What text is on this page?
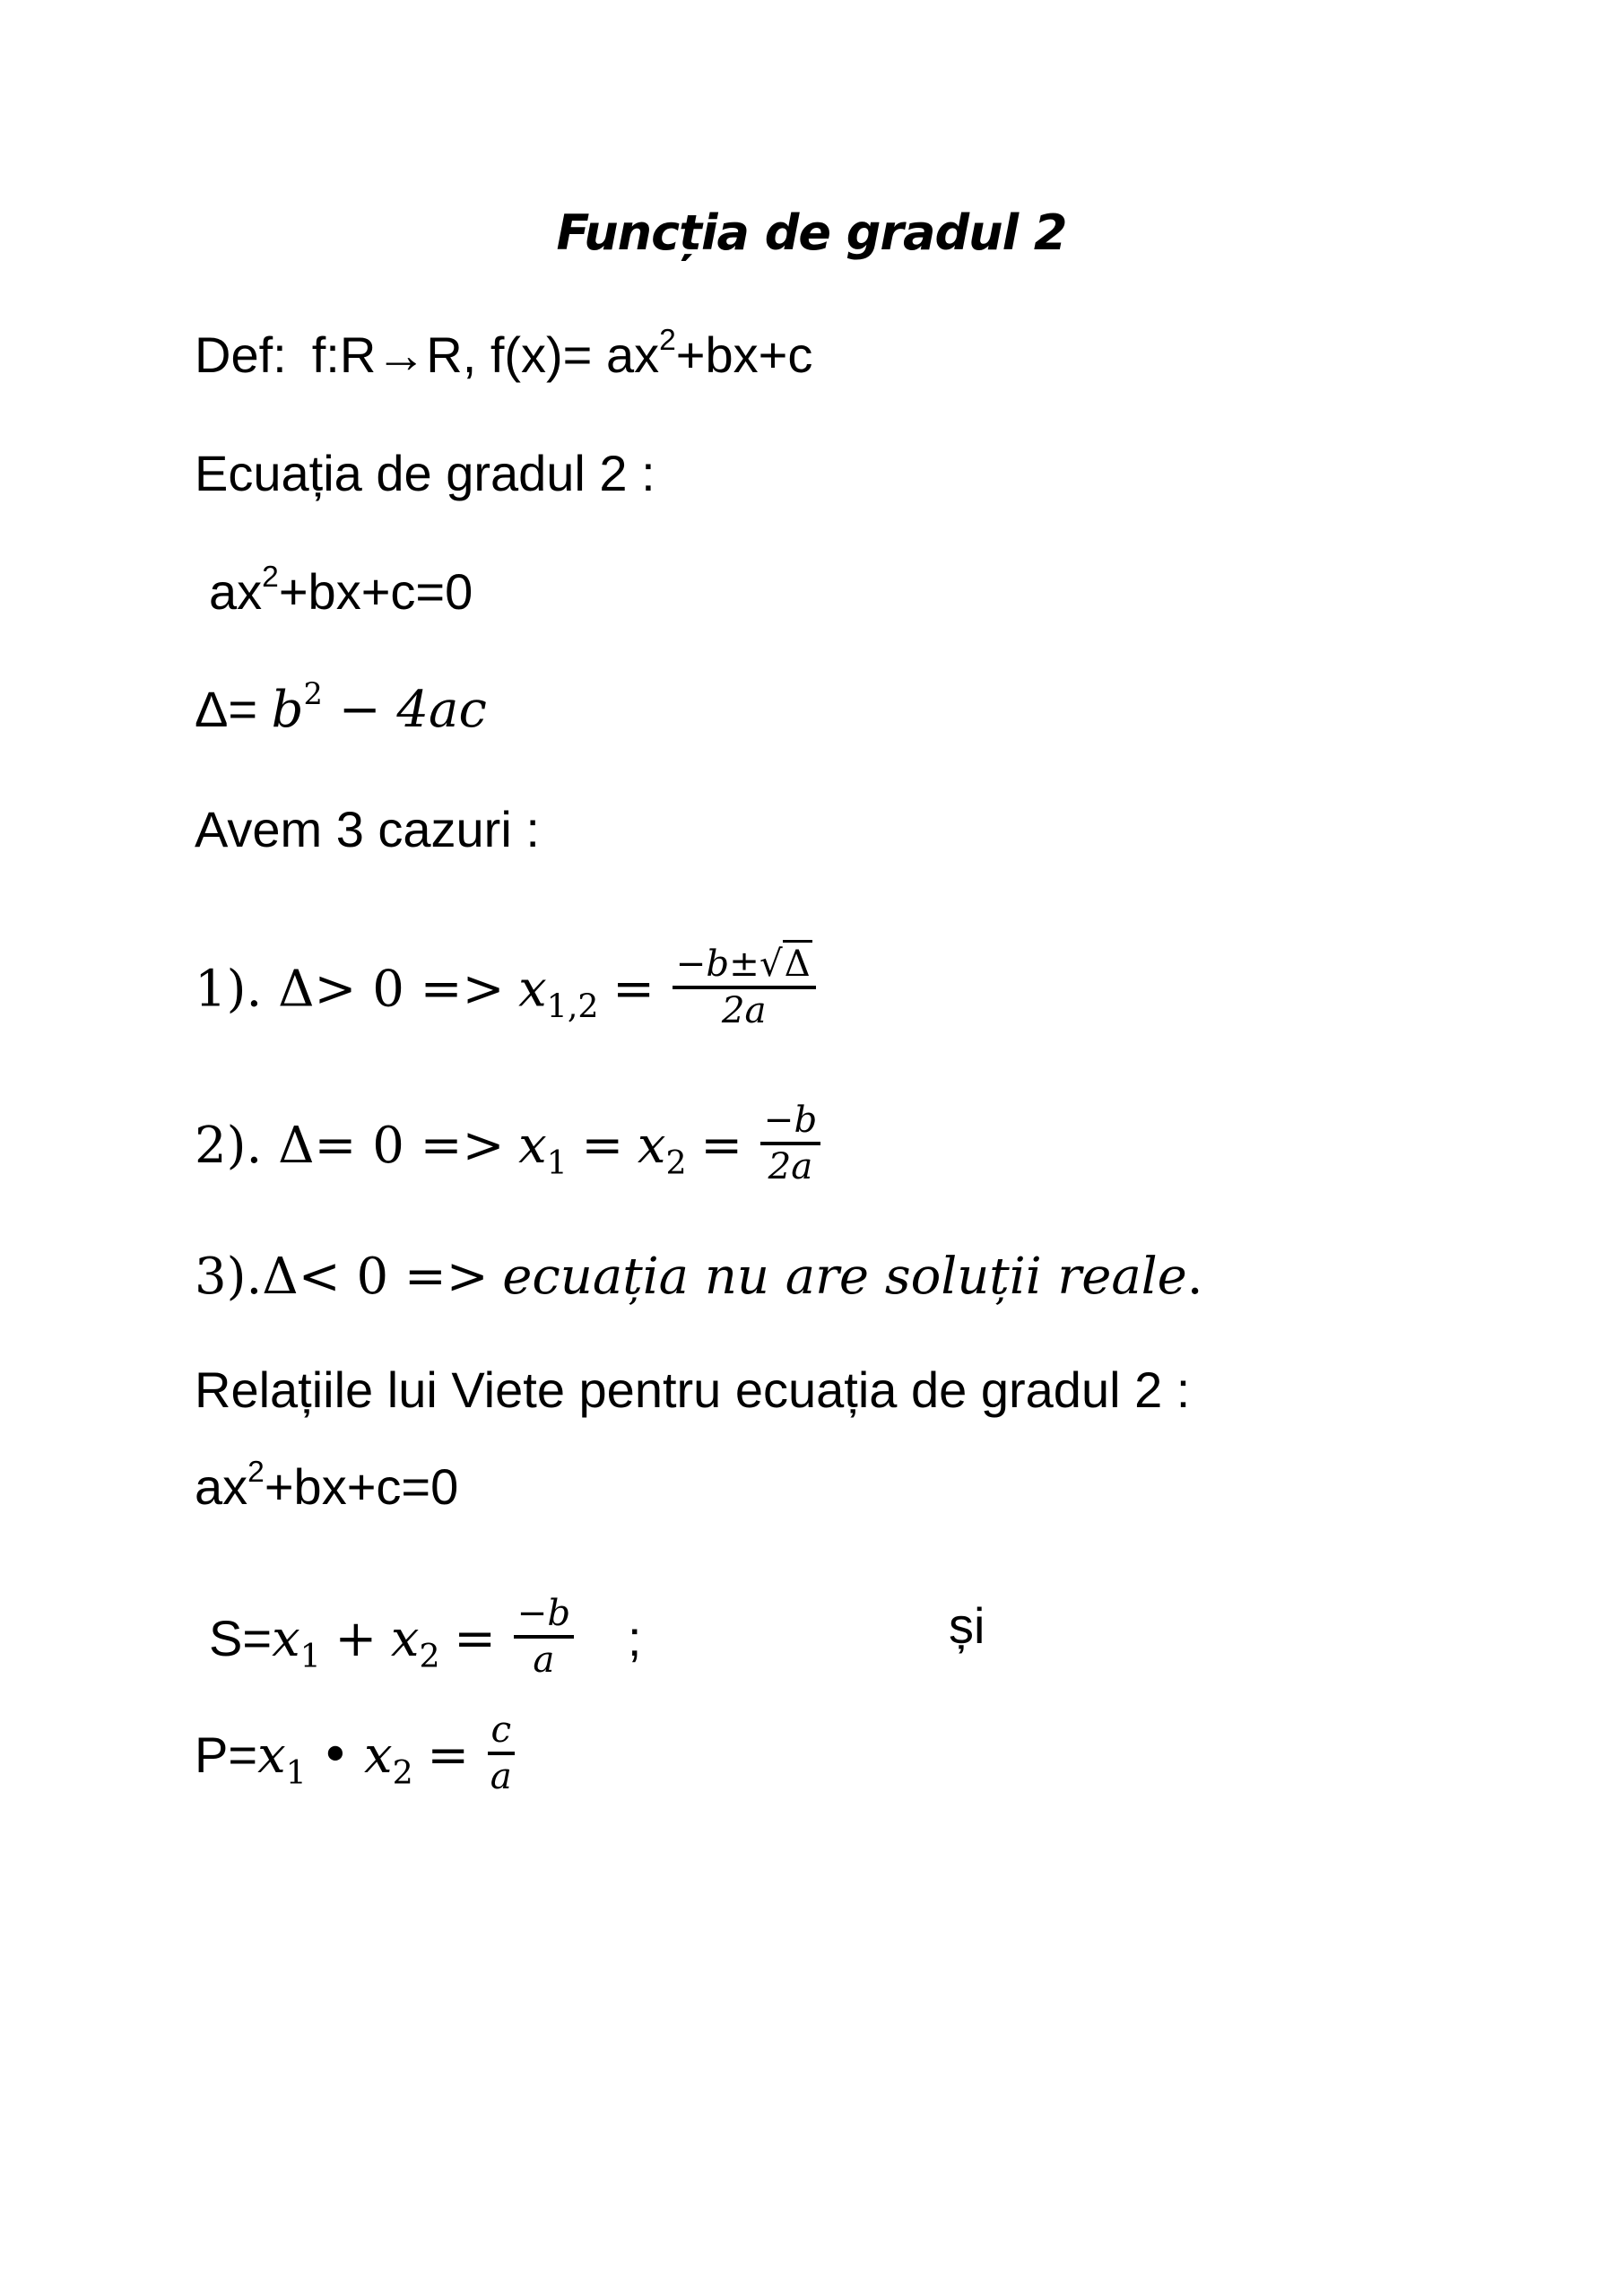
Funcția de gradul 2
Def: f:R→R, $f(x)= ax^2+bx+c$
Ecuația de gradul 2 :
$ax^2+bx+c=0$
$\Delta= b^2 - 4ac$
Avem 3 cazuri :
1). $\Delta> 0 => x_{1,2} = \frac{-b\pm√\Delta}{2a}$
2). $\Delta= 0 => x_1 = x_2 = \frac{-b}{2a}$
3).Δ< 0 => ecuația nu are soluții reale.
Relațiile lui Viete pentru ecuația de gradul 2 :
$ax^2+bx+c=0$
$S=x_1 + x_2 = \frac{-b}{a}$ ;	și
$P=x_1$ • $x_2 = \frac{c}{a}$
